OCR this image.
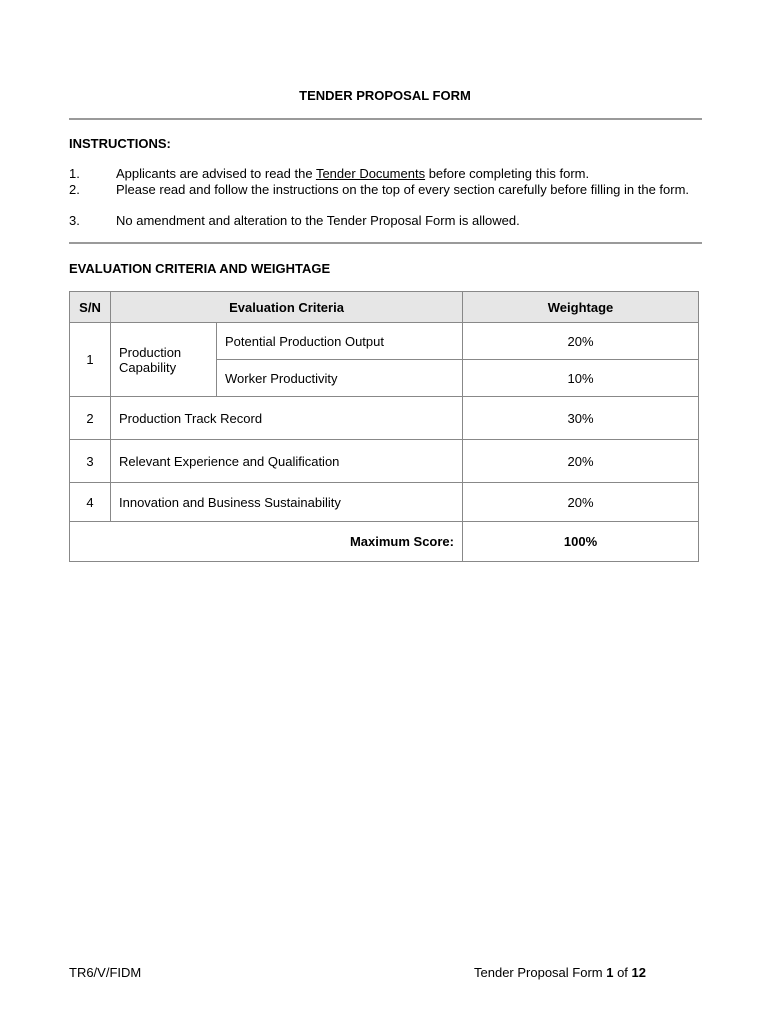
TENDER PROPOSAL FORM
INSTRUCTIONS:
1.	Applicants are advised to read the Tender Documents before completing this form.
2.	Please read and follow the instructions on the top of every section carefully before filling in the form.
3.	No amendment and alteration to the Tender Proposal Form is allowed.
EVALUATION CRITERIA AND WEIGHTAGE
S/N	Evaluation Criteria		Weightage
1	Production Capability	Potential Production Output	20%
		Worker Productivity	10%
2	Production Track Record		30%
3	Relevant Experience and Qualification		20%
4	Innovation and Business Sustainability		20%
Maximum Score:			100%
TR6/V/FIDM	Tender Proposal Form 1 of 12
